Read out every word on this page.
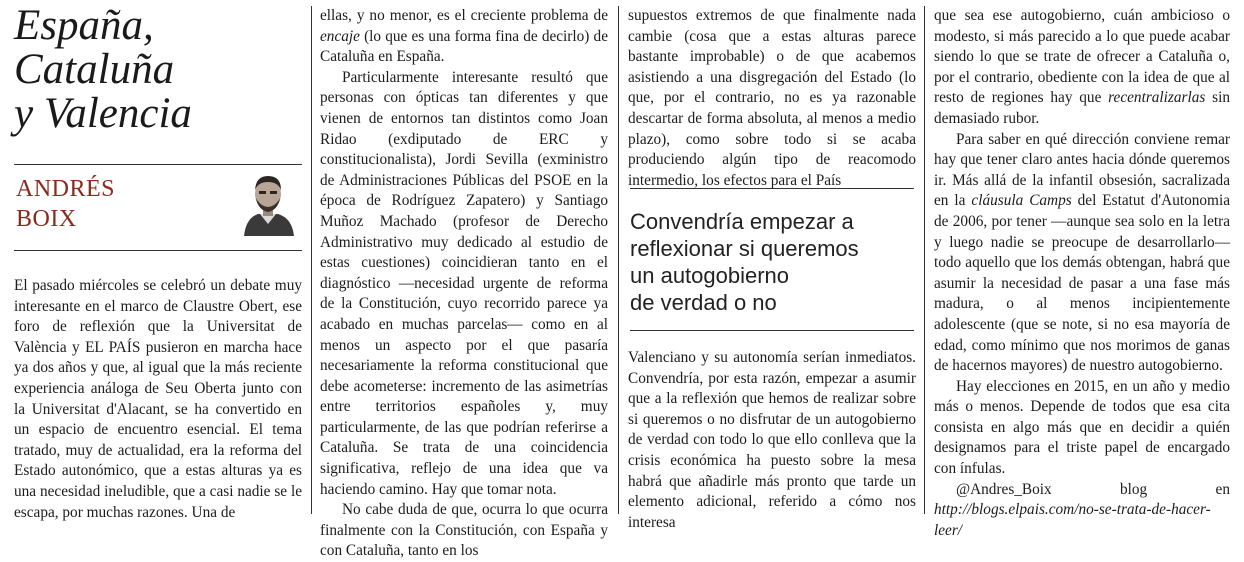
España,
Cataluña
y Valencia
ANDRÉS
BOIX

El pasado miércoles se celebró un debate muy interesante en el marco de Claustre Obert, ese foro de reflexión que la Universitat de València y EL PAÍS pusieron en marcha hace ya dos años y que, al igual que la más reciente experiencia análoga de Seu Oberta junto con la Universitat d'Alacant, se ha convertido en un espacio de encuentro esencial. El tema tratado, muy de actualidad, era la reforma del Estado autonómico, que a estas alturas ya es una necesidad ineludible, que a casi nadie se le escapa, por muchas razones. Una de

ellas, y no menor, es el creciente problema de encaje (lo que es una forma fina de decirlo) de Cataluña en España.

Particularmente interesante resultó que personas con ópticas tan diferentes y que vienen de entornos tan distintos como Joan Ridao (exdiputado de ERC y constitucionalista), Jordi Sevilla (exministro de Administraciones Públicas del PSOE en la época de Rodríguez Zapatero) y Santiago Muñoz Machado (profesor de Derecho Administrativo muy dedicado al estudio de estas cuestiones) coincidieran tanto en el diagnóstico —necesidad urgente de reforma de la Constitución, cuyo recorrido parece ya acabado en muchas parcelas— como en al menos un aspecto por el que pasaría necesariamente la reforma constitucional que debe acometerse: incremento de las asimetrías entre territorios españoles y, muy particularmente, de las que podrían referirse a Cataluña. Se trata de una coincidencia significativa, reflejo de una idea que va haciendo camino. Hay que tomar nota.

No cabe duda de que, ocurra lo que ocurra finalmente con la Constitución, con España y con Cataluña, tanto en los

supuestos extremos de que finalmente nada cambie (cosa que a estas alturas parece bastante improbable) o de que acabemos asistiendo a una disgregación del Estado (lo que, por el contrario, no es ya razonable descartar de forma absoluta, al menos a medio plazo), como sobre todo si se acaba produciendo algún tipo de reacomodo intermedio, los efectos para el País

Convendría empezar a
reflexionar si queremos
un autogobierno
de verdad o no

Valenciano y su autonomía serían inmediatos. Convendría, por esta razón, empezar a asumir que a la reflexión que hemos de realizar sobre si queremos o no disfrutar de un autogobierno de verdad con todo lo que ello conlleva que la crisis económica ha puesto sobre la mesa habrá que añadirle más pronto que tarde un elemento adicional, referido a cómo nos interesa

que sea ese autogobierno, cuán ambicioso o modesto, si más parecido a lo que puede acabar siendo lo que se trate de ofrecer a Cataluña o, por el contrario, obediente con la idea de que al resto de regiones hay que recentralizarlas sin demasiado rubor.

Para saber en qué dirección conviene remar hay que tener claro antes hacia dónde queremos ir. Más allá de la infantil obsesión, sacralizada en la cláusula Camps del Estatut d'Autonomia de 2006, por tener —aunque sea solo en la letra y luego nadie se preocupe de desarrollarlo— todo aquello que los demás obtengan, habrá que asumir la necesidad de pasar a una fase más madura, o al menos incipientemente adolescente (que se note, si no esa mayoría de edad, como mínimo que nos morimos de ganas de hacernos mayores) de nuestro autogobierno.

Hay elecciones en 2015, en un año y medio más o menos. Depende de todos que esa cita consista en algo más que en decidir a quién designamos para el triste papel de encargado con ínfulas.

@Andres_Boix blog en http://blogs.elpais.com/no-se-trata-de-hacer-leer/
